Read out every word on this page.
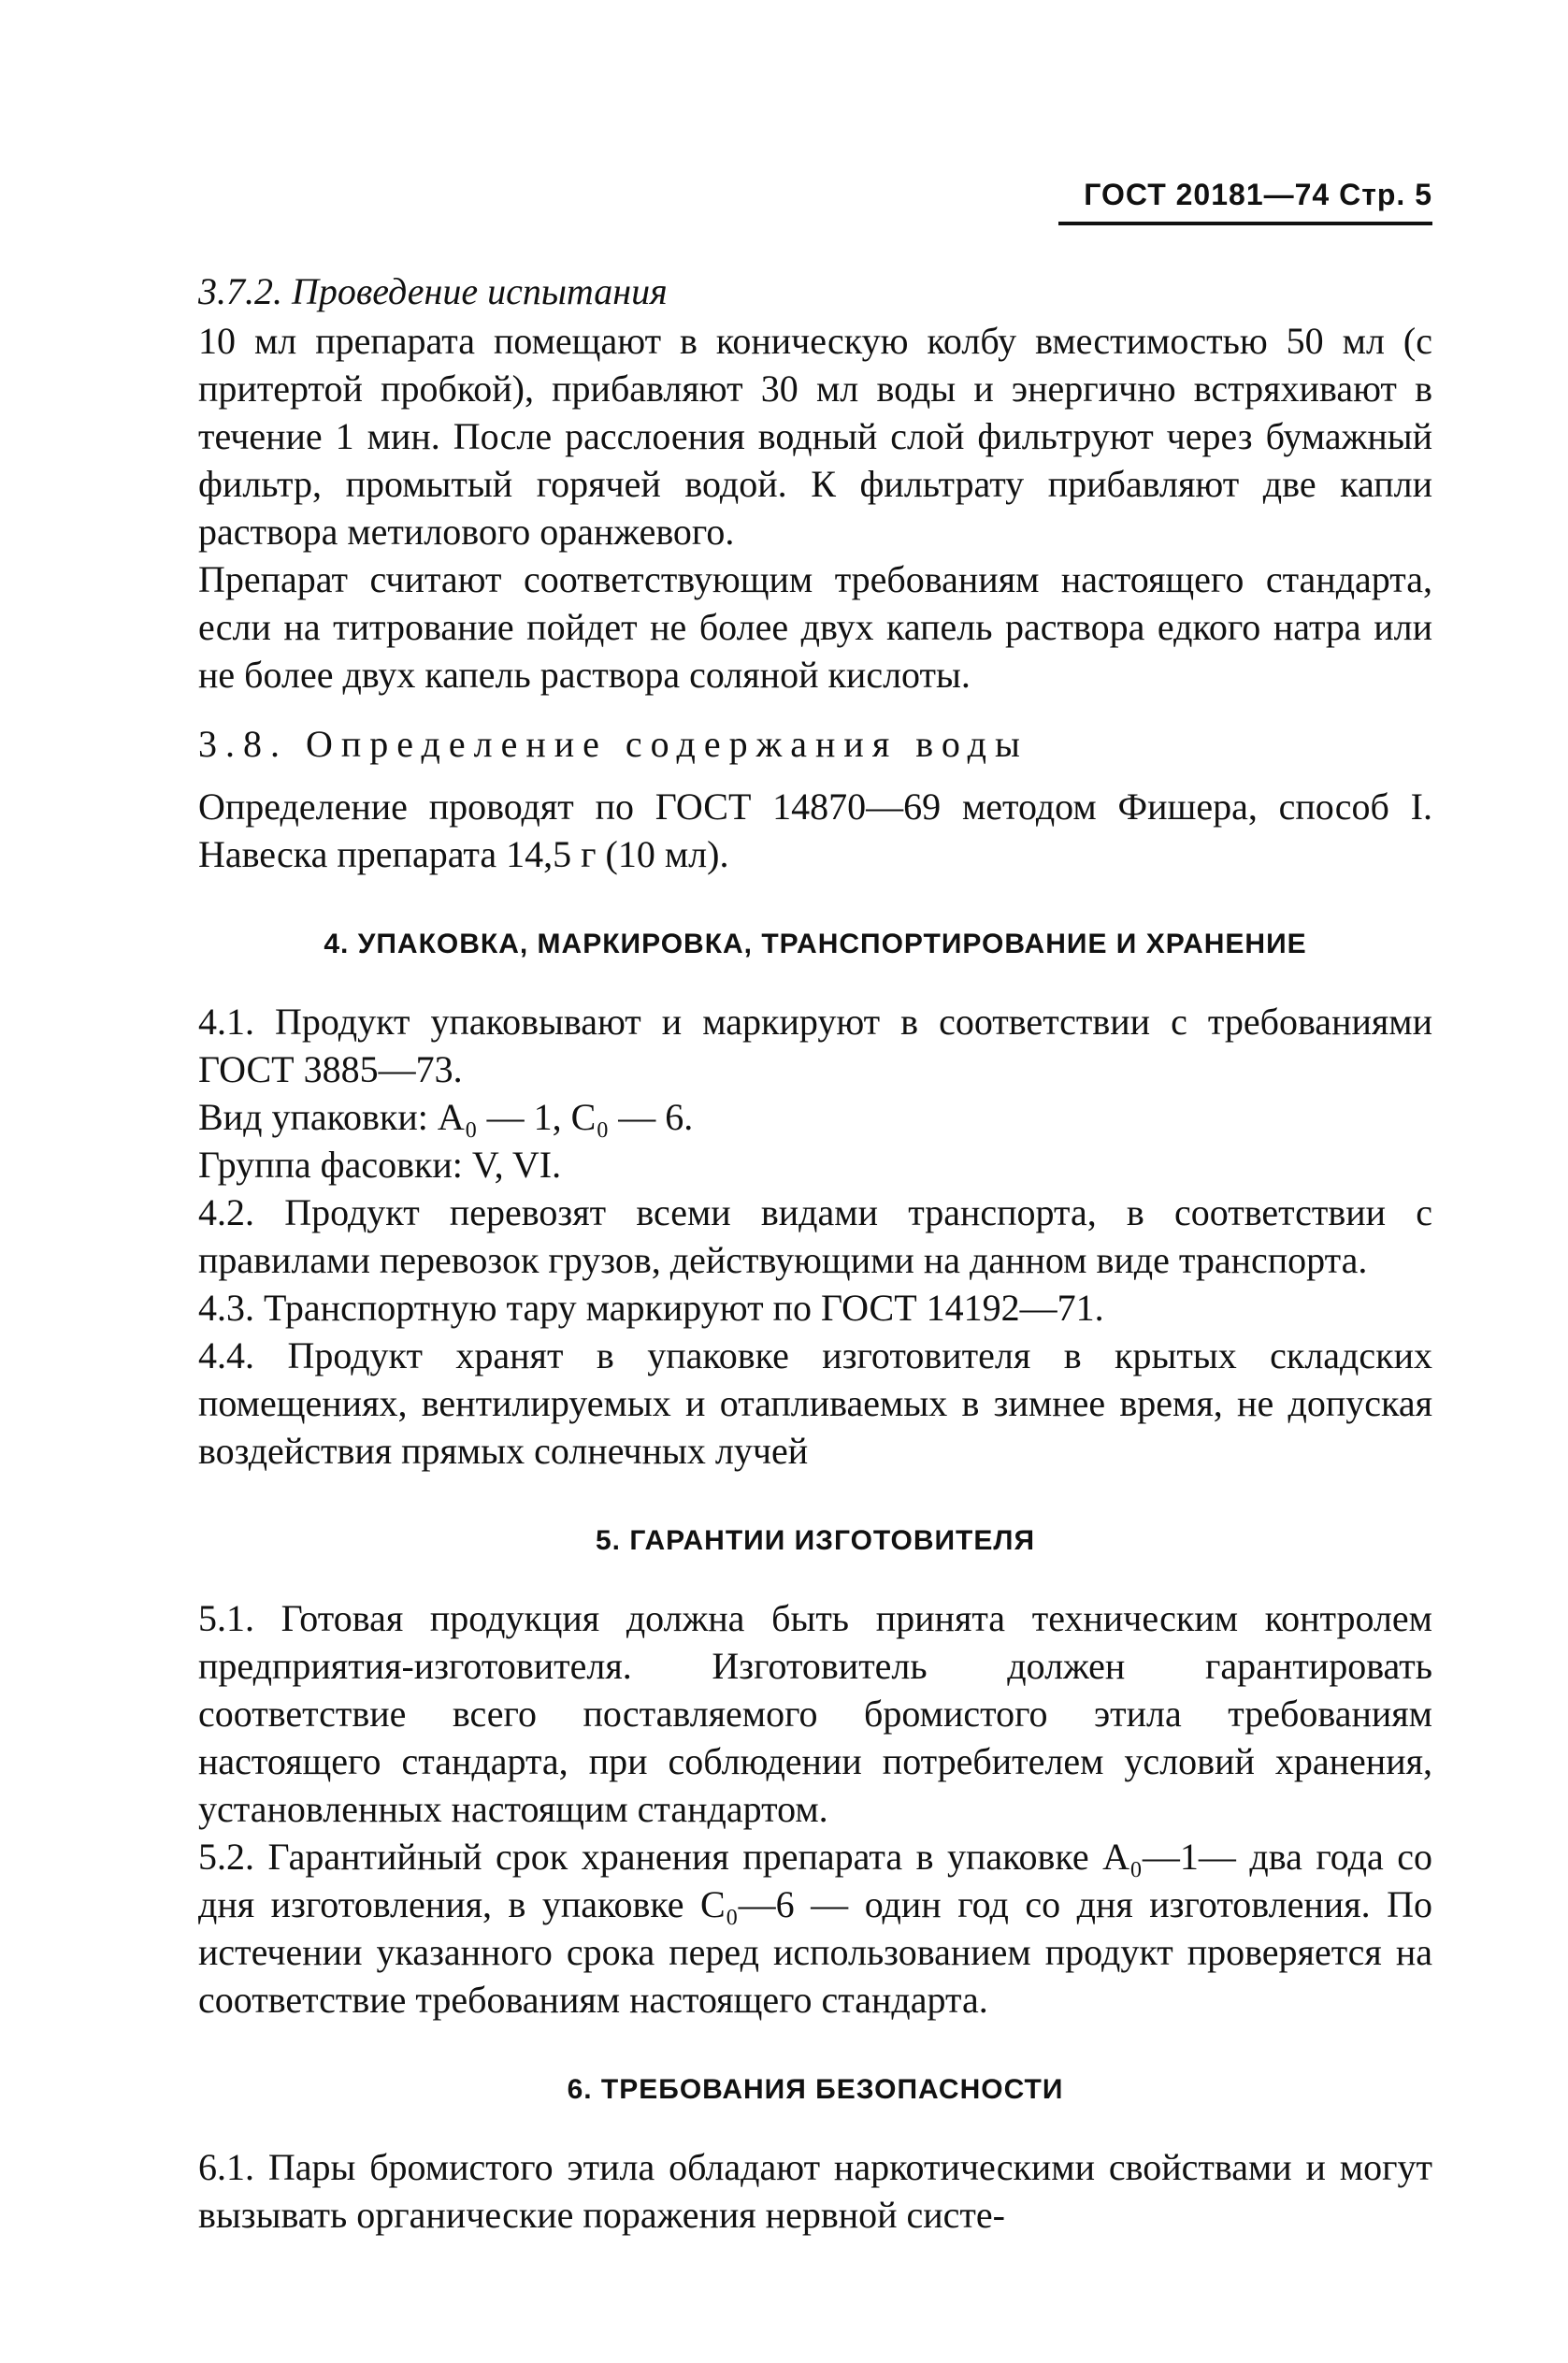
ГОСТ 20181—74 Стр. 5
3.7.2. Проведение испытания

10 мл препарата помещают в коническую колбу вместимостью 50 мл (с притертой пробкой), прибавляют 30 мл воды и энергично встряхивают в течение 1 мин. После расслоения водный слой фильтруют через бумажный фильтр, промытый горячей водой. К фильтрату прибавляют две капли раствора метилового оранжевого.

Препарат считают соответствующим требованиям настоящего стандарта, если на титрование пойдет не более двух капель раствора едкого натра или не более двух капель раствора соляной кислоты.

3.8. Определение содержания воды

Определение проводят по ГОСТ 14870—69 методом Фишера, способ I. Навеска препарата 14,5 г (10 мл).

4. УПАКОВКА, МАРКИРОВКА, ТРАНСПОРТИРОВАНИЕ И ХРАНЕНИЕ

4.1. Продукт упаковывают и маркируют в соответствии с требованиями ГОСТ 3885—73.

Вид упаковки: А₀ — 1, С₀ — 6.

Группа фасовки: V, VI.

4.2. Продукт перевозят всеми видами транспорта, в соответствии с правилами перевозок грузов, действующими на данном виде транспорта.

4.3. Транспортную тару маркируют по ГОСТ 14192—71.

4.4. Продукт хранят в упаковке изготовителя в крытых складских помещениях, вентилируемых и отапливаемых в зимнее время, не допуская воздействия прямых солнечных лучей

5. ГАРАНТИИ ИЗГОТОВИТЕЛЯ

5.1. Готовая продукция должна быть принята техническим контролем предприятия-изготовителя. Изготовитель должен гарантировать соответствие всего поставляемого бромистого этила требованиям настоящего стандарта, при соблюдении потребителем условий хранения, установленных настоящим стандартом.

5.2. Гарантийный срок хранения препарата в упаковке А₀—1— два года со дня изготовления, в упаковке С₀—6 — один год со дня изготовления. По истечении указанного срока перед использованием продукт проверяется на соответствие требованиям настоящего стандарта.

6. ТРЕБОВАНИЯ БЕЗОПАСНОСТИ

6.1. Пары бромистого этила обладают наркотическими свойствами и могут вызывать органические поражения нервной систе-
